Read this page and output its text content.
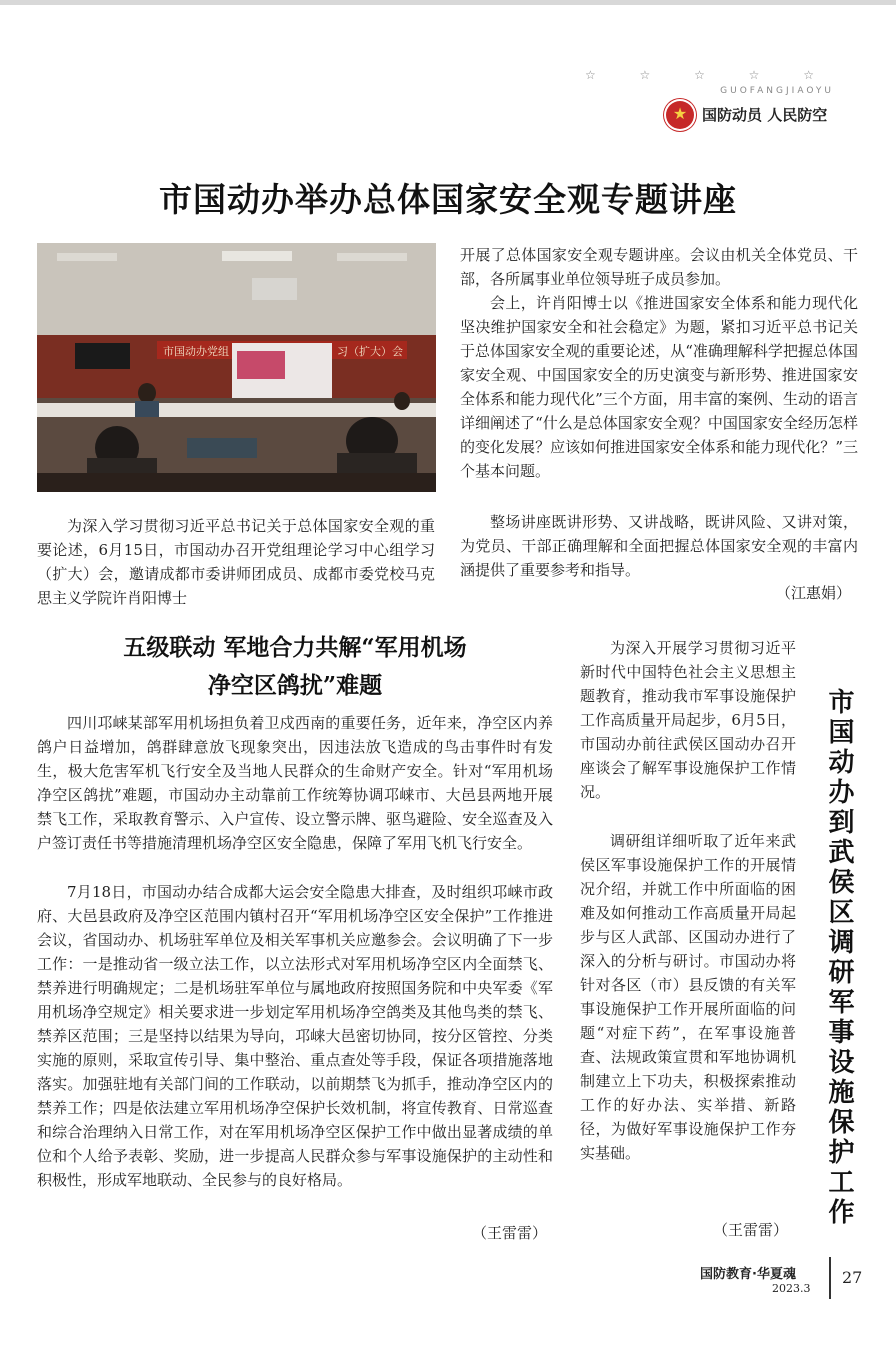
☆ ☆ ☆ ☆ ☆
GUOFANGJIAOYU
★
国防动员 人民防空
市国动办举办总体国家安全观专题讲座
市国动办党组	习（扩大）会

为深入学习贯彻习近平总书记关于总体国家安全观的重要论述，6月15日，市国动办召开党组理论学习中心组学习（扩大）会，邀请成都市委讲师团成员、成都市委党校马克思主义学院许肖阳博士

开展了总体国家安全观专题讲座。会议由机关全体党员、干部，各所属事业单位领导班子成员参加。

会上，许肖阳博士以《推进国家安全体系和能力现代化 坚决维护国家安全和社会稳定》为题，紧扣习近平总书记关于总体国家安全观的重要论述，从“准确理解科学把握总体国家安全观、中国国家安全的历史演变与新形势、推进国家安全体系和能力现代化”三个方面，用丰富的案例、生动的语言详细阐述了“什么是总体国家安全观？中国国家安全经历怎样的变化发展？应该如何推进国家安全体系和能力现代化？”三个基本问题。

整场讲座既讲形势、又讲战略，既讲风险、又讲对策，为党员、干部正确理解和全面把握总体国家安全观的丰富内涵提供了重要参考和指导。

（江惠娟）
五级联动 军地合力共解“军用机场
净空区鸽扰”难题

四川邛崃某部军用机场担负着卫戍西南的重要任务，近年来，净空区内养鸽户日益增加，鸽群肆意放飞现象突出，因违法放飞造成的鸟击事件时有发生，极大危害军机飞行安全及当地人民群众的生命财产安全。针对“军用机场净空区鸽扰”难题，市国动办主动靠前工作统筹协调邛崃市、大邑县两地开展禁飞工作，采取教育警示、入户宣传、设立警示牌、驱鸟避险、安全巡查及入户签订责任书等措施清理机场净空区安全隐患，保障了军用飞机飞行安全。

7月18日，市国动办结合成都大运会安全隐患大排查，及时组织邛崃市政府、大邑县政府及净空区范围内镇村召开“军用机场净空区安全保护”工作推进会议，省国动办、机场驻军单位及相关军事机关应邀参会。会议明确了下一步工作：一是推动省一级立法工作，以立法形式对军用机场净空区内全面禁飞、禁养进行明确规定；二是机场驻军单位与属地政府按照国务院和中央军委《军用机场净空规定》相关要求进一步划定军用机场净空鸽类及其他鸟类的禁飞、禁养区范围；三是坚持以结果为导向，邛崃大邑密切协同，按分区管控、分类实施的原则，采取宣传引导、集中整治、重点查处等手段，保证各项措施落地落实。加强驻地有关部门间的工作联动，以前期禁飞为抓手，推动净空区内的禁养工作；四是依法建立军用机场净空保护长效机制，将宣传教育、日常巡查和综合治理纳入日常工作，对在军用机场净空区保护工作中做出显著成绩的单位和个人给予表彰、奖励，进一步提高人民群众参与军事设施保护的主动性和积极性，形成军地联动、全民参与的良好格局。

（王雷雷）

为深入开展学习贯彻习近平新时代中国特色社会主义思想主题教育，推动我市军事设施保护工作高质量开局起步，6月5日，市国动办前往武侯区国动办召开座谈会了解军事设施保护工作情况。

调研组详细听取了近年来武侯区军事设施保护工作的开展情况介绍，并就工作中所面临的困难及如何推动工作高质量开局起步与区人武部、区国动办进行了深入的分析与研讨。市国动办将针对各区（市）县反馈的有关军事设施保护工作开展所面临的问题“对症下药”，在军事设施普查、法规政策宣贯和军地协调机制建立上下功夫，积极探索推动工作的好办法、实举措、新路径，为做好军事设施保护工作夯实基础。

（王雷雷）
市国动办到武侯区调研军事设施保护工作
国防教育·华夏魂
2023.3
27
